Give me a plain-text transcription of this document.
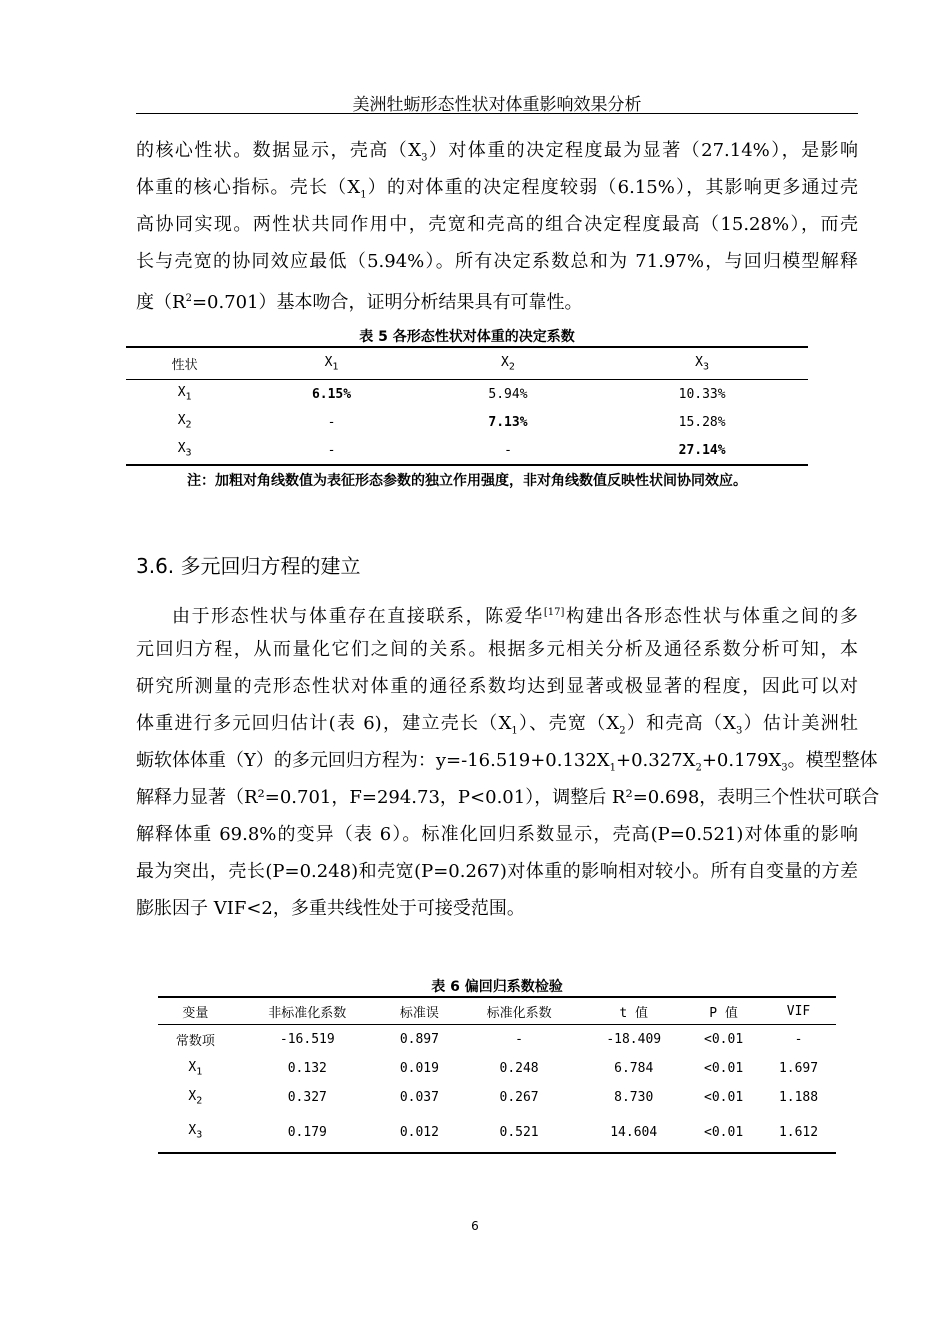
美洲牡蛎形态性状对体重影响效果分析
的核心性状。数据显示，壳高$(X_3)$对体重的决定程度最为显著（27.14%），是影响
体重的核心指标。壳长$(X_1)$的对体重的决定程度较弱（6.15%），其影响更多通过壳
高协同实现。两性状共同作用中，壳宽和壳高的组合决定程度最高（15.28%），而壳
长与壳宽的协同效应最低（5.94%）。所有决定系数总和为 71.97%，与回归模型解释
度$(R^2=0.701)$基本吻合，证明分析结果具有可靠性。
表 5 各形态性状对体重的决定系数
性状	$X_1$	$X_2$	$X_3$
$X_1$	6.15%	5.94%	10.33%
$X_2$	-	7.13%	15.28%
$X_3$	-	-	27.14%
注：加粗对角线数值为表征形态参数的独立作用强度，非对角线数值反映性状间协同效应。
3.6. 多元回归方程的建立
由于形态性状与体重存在直接联系，陈爱华[17]构建出各形态性状与体重之间的多
元回归方程，从而量化它们之间的关系。根据多元相关分析及通径系数分析可知，本
研究所测量的壳形态性状对体重的通径系数均达到显著或极显著的程度，因此可以对
体重进行多元回归估计(表 6)，建立壳长$(X_1)$、壳宽$(X_2)$和壳高$(X_3)$估计美洲牡
蛎软体体重（Y）的多元回归方程为：$y=-16.519+0.132X_1+0.327X_2+0.179X_3$。模型整体
解释力显著（R²=0.701，F=294.73，P<0.01），调整后 R²=0.698，表明三个性状可联合
解释体重 69.8%的变异（表 6）。标准化回归系数显示，壳高(P=0.521)对体重的影响
最为突出，壳长(P=0.248)和壳宽(P=0.267)对体重的影响相对较小。所有自变量的方差
膨胀因子 VIF<2，多重共线性处于可接受范围。
表 6 偏回归系数检验
变量	非标准化系数	标准误	标准化系数	t 值	P 值	VIF
常数项	-16.519	0.897	-	-18.409	<0.01	-
$X_1$	0.132	0.019	0.248	6.784	<0.01	1.697
$X_2$	0.327	0.037	0.267	8.730	<0.01	1.188
$X_3$	0.179	0.012	0.521	14.604	<0.01	1.612
6
